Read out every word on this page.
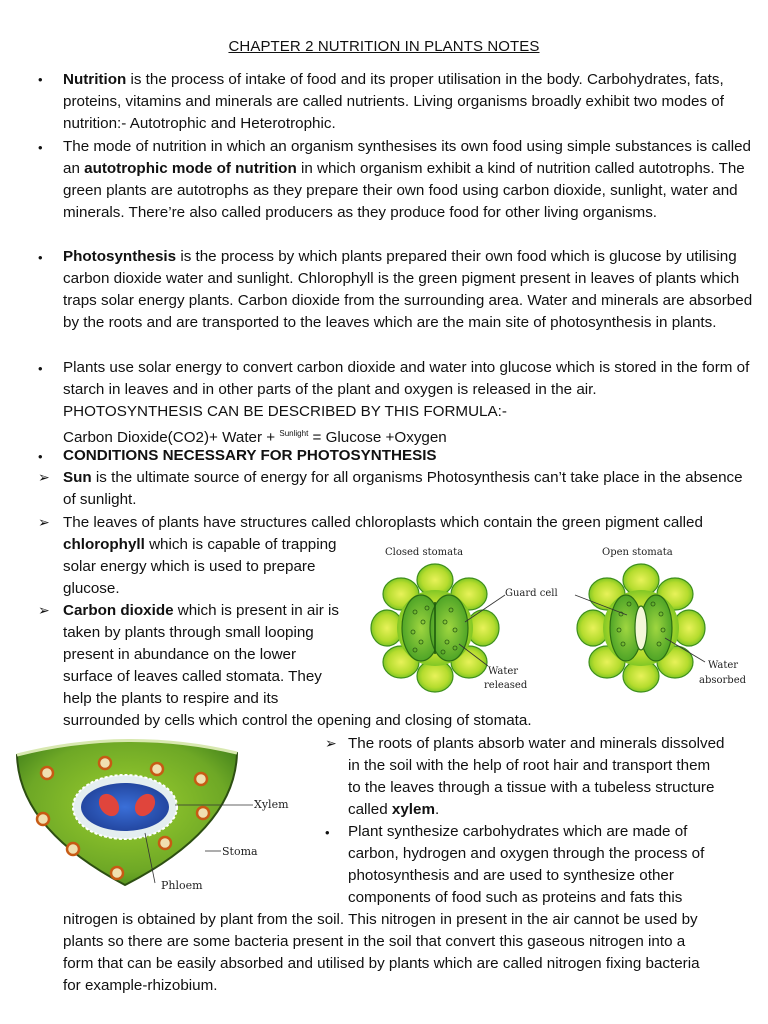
CHAPTER 2 NUTRITION IN PLANTS NOTES
• Nutrition is the process of intake of food and its proper utilisation in the body. Carbohydrates, fats, proteins, vitamins and minerals are called nutrients. Living organisms broadly exhibit two modes of nutrition:- Autotrophic and Heterotrophic.
• The mode of nutrition in which an organism synthesises its own food using simple substances is called an autotrophic mode of nutrition in which organism exhibit a kind of nutrition called autotrophs. The green plants are autotrophs as they prepare their own food using carbon dioxide, sunlight, water and minerals. There’re also called producers as they produce food for other living organisms.
• Photosynthesis is the process by which plants prepared their own food which is glucose by utilising carbon dioxide water and sunlight. Chlorophyll is the green pigment present in leaves of plants which traps solar energy plants. Carbon dioxide from the surrounding area. Water and minerals are absorbed by the roots and are transported to the leaves which are the main site of photosynthesis in plants.
• Plants use solar energy to convert carbon dioxide and water into glucose which is stored in the form of starch in leaves and in other parts of the plant and oxygen is released in the air.
PHOTOSYNTHESIS CAN BE DESCRIBED BY THIS FORMULA:-
Carbon Dioxide(CO2)+ Water + $^{Sunlight}$ = Glucose +Oxygen
• CONDITIONS NECESSARY FOR PHOTOSYNTHESIS
➢ Sun is the ultimate source of energy for all organisms Photosynthesis can’t take place in the absence of sunlight.
➢ The leaves of plants have structures called chloroplasts which contain the green pigment called
chlorophyll which is capable of trapping
solar energy which is used to prepare
glucose.
➢ Carbon dioxide which is present in air is
taken by plants through small looping
present in abundance on the lower
surface of leaves called stomata. They
help the plants to respire and its
surrounded by cells which control the opening and closing of stomata.
➢ The roots of plants absorb water and minerals dissolved
in the soil with the help of root hair and transport them
to the leaves through a tissue with a tubeless structure
called xylem.
• Plant synthesize carbohydrates which are made of
carbon, hydrogen and oxygen through the process of
photosynthesis and are used to synthesize other
components of food such as proteins and fats this
nitrogen is obtained by plant from the soil. This nitrogen in present in the air cannot be used by
plants so there are some bacteria present in the soil that convert this gaseous nitrogen into a
form that can be easily absorbed and utilised by plants which are called nitrogen fixing bacteria
for example-rhizobium.
Closed stomata	Open stomata
Guard cell
Water
released
Water
absorbed
Xylem
Stoma
Phloem
